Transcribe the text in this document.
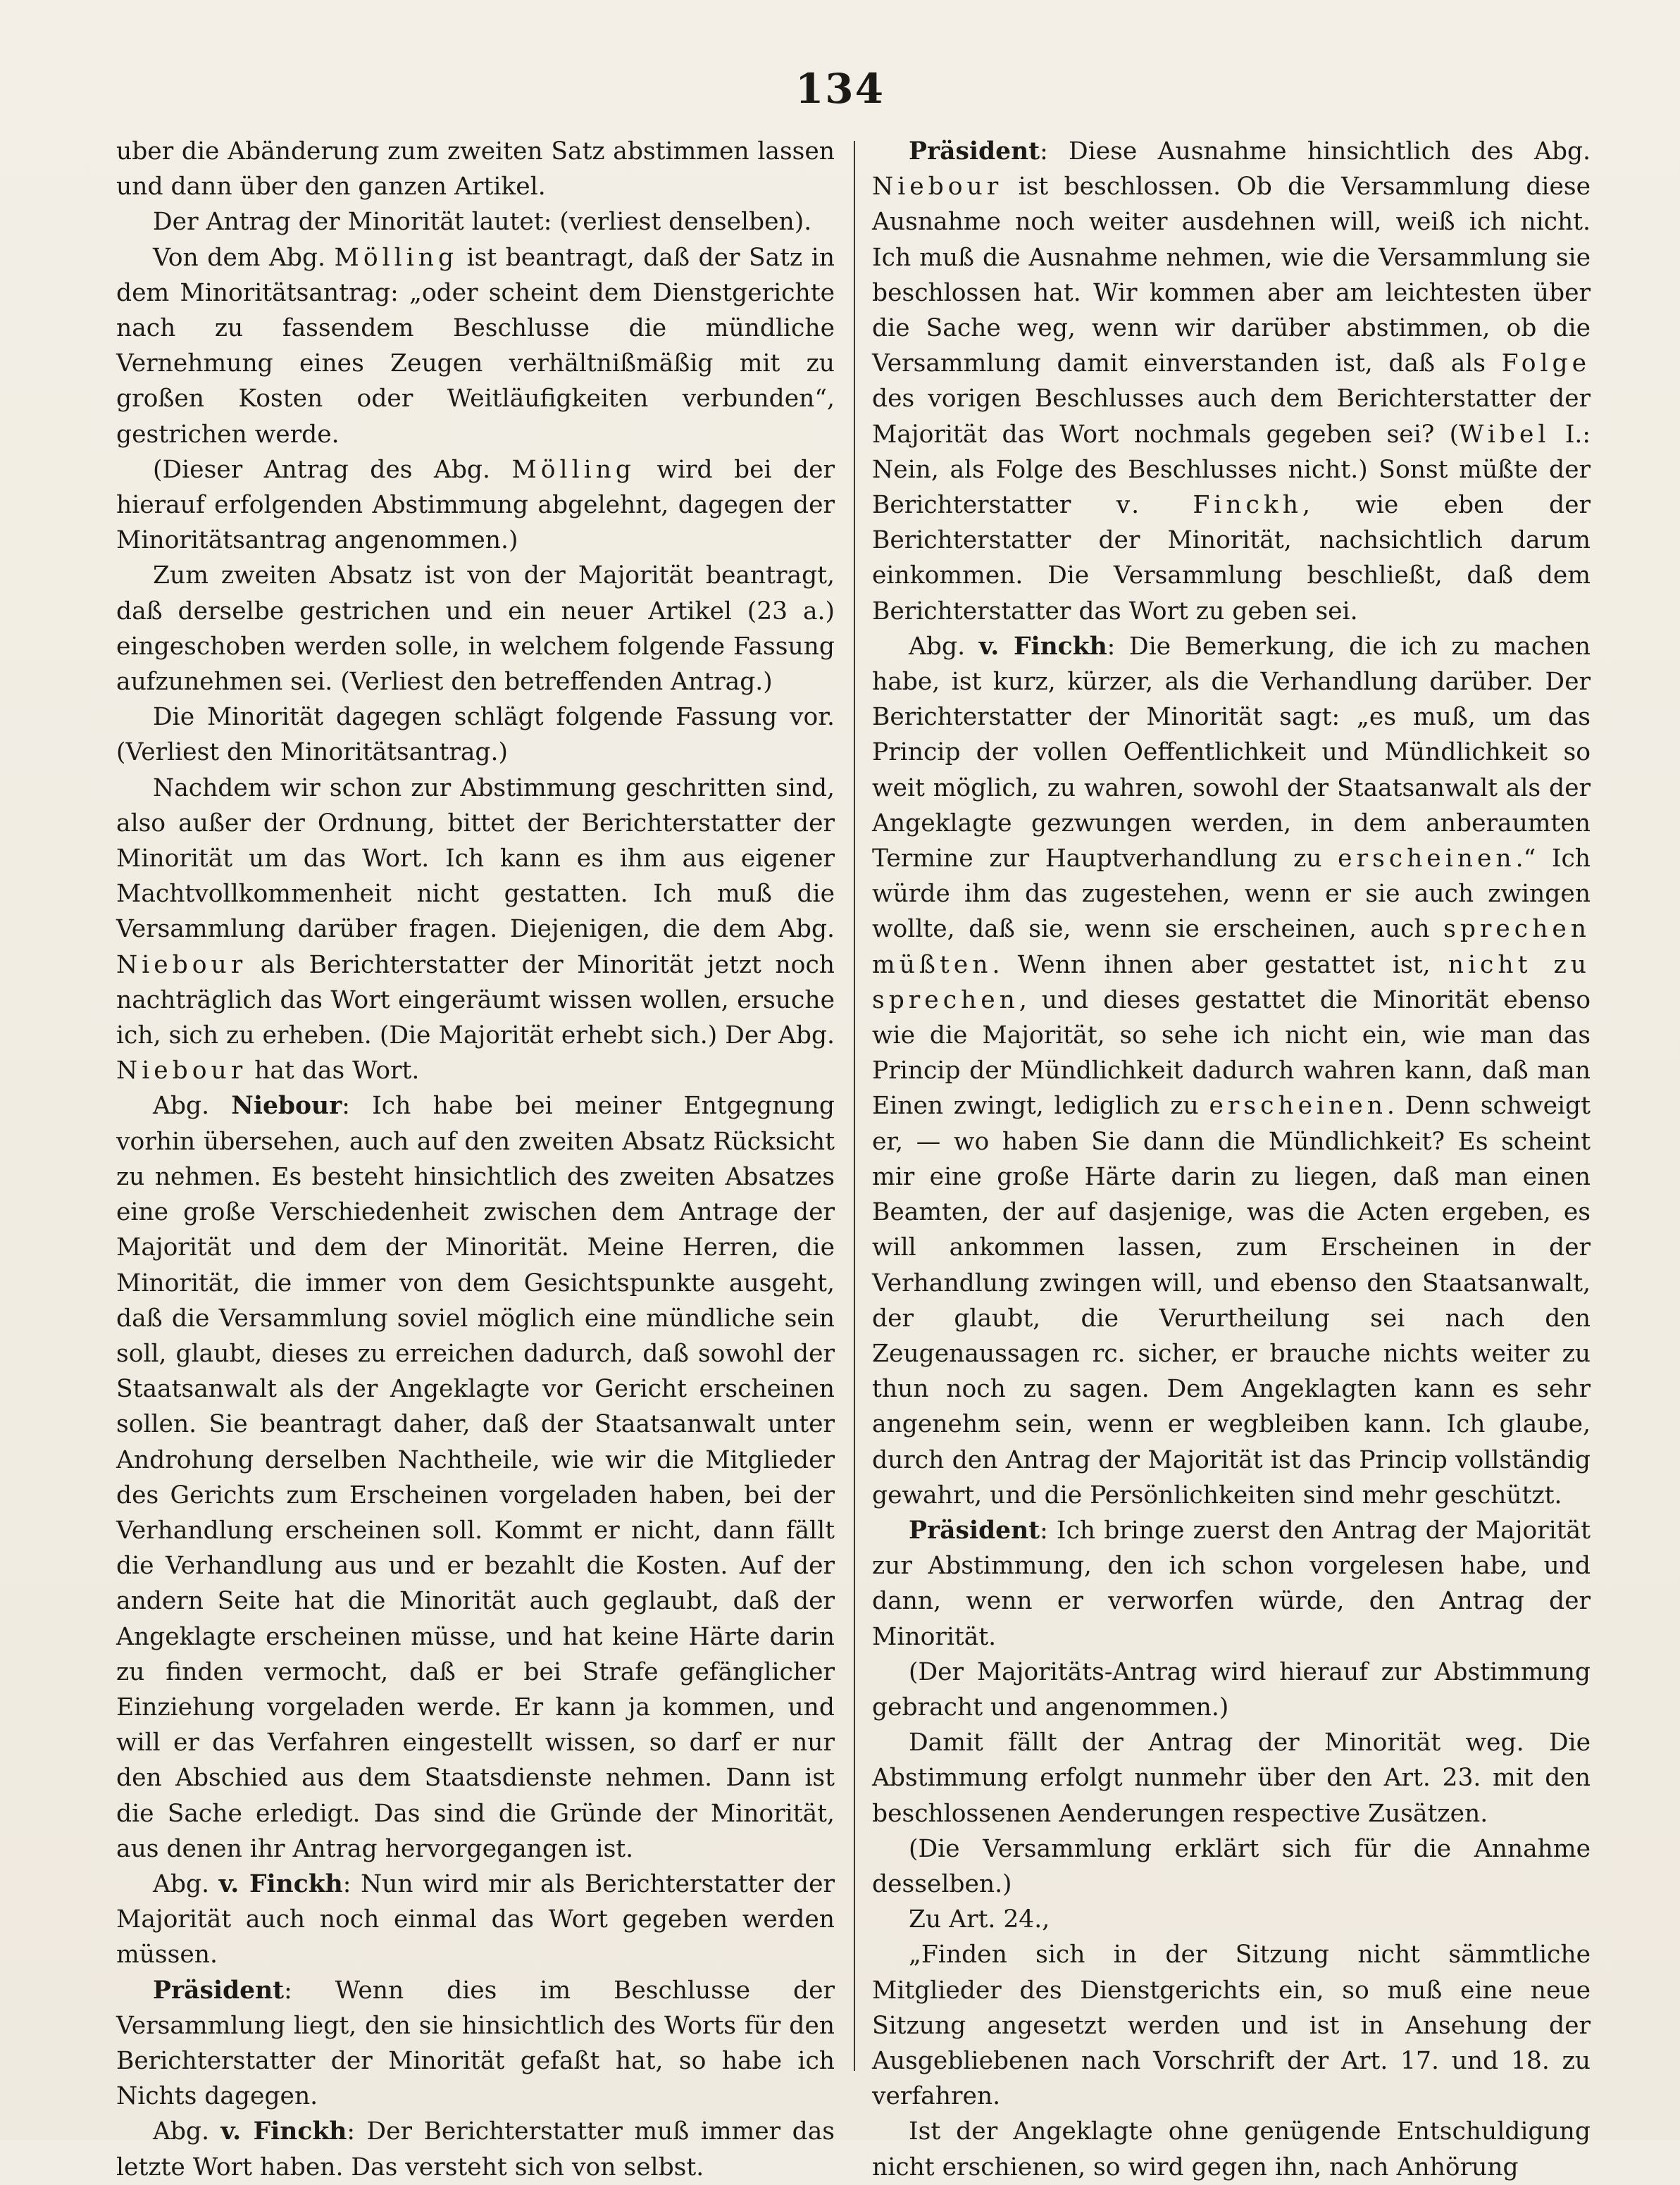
134

uber die Abänderung zum zweiten Satz abstimmen lassen und dann über den ganzen Artikel.

Der Antrag der Minorität lautet: (verliest denselben).

Von dem Abg. Mölling ist beantragt, daß der Satz in dem Minoritätsantrag: „oder scheint dem Dienstgerichte nach zu fassendem Beschlusse die mündliche Vernehmung eines Zeugen verhältnißmäßig mit zu großen Kosten oder Weitläufigkeiten verbunden“, gestrichen werde.

(Dieser Antrag des Abg. Mölling wird bei der hierauf erfolgenden Abstimmung abgelehnt, dagegen der Minoritätsantrag angenommen.)

Zum zweiten Absatz ist von der Majorität beantragt, daß derselbe gestrichen und ein neuer Artikel (23 a.) eingeschoben werden solle, in welchem folgende Fassung aufzunehmen sei. (Verliest den betreffenden Antrag.)

Die Minorität dagegen schlägt folgende Fassung vor. (Verliest den Minoritätsantrag.)

Nachdem wir schon zur Abstimmung geschritten sind, also außer der Ordnung, bittet der Berichterstatter der Minorität um das Wort. Ich kann es ihm aus eigener Machtvollkommenheit nicht gestatten. Ich muß die Versammlung darüber fragen. Diejenigen, die dem Abg. Niebour als Berichterstatter der Minorität jetzt noch nachträglich das Wort eingeräumt wissen wollen, ersuche ich, sich zu erheben. (Die Majorität erhebt sich.) Der Abg. Niebour hat das Wort.

Abg. Niebour: Ich habe bei meiner Entgegnung vorhin übersehen, auch auf den zweiten Absatz Rücksicht zu nehmen. Es besteht hinsichtlich des zweiten Absatzes eine große Verschiedenheit zwischen dem Antrage der Majorität und dem der Minorität. Meine Herren, die Minorität, die immer von dem Gesichtspunkte ausgeht, daß die Versammlung soviel möglich eine mündliche sein soll, glaubt, dieses zu erreichen dadurch, daß sowohl der Staatsanwalt als der Angeklagte vor Gericht erscheinen sollen. Sie beantragt daher, daß der Staatsanwalt unter Androhung derselben Nachtheile, wie wir die Mitglieder des Gerichts zum Erscheinen vorgeladen haben, bei der Verhandlung erscheinen soll. Kommt er nicht, dann fällt die Verhandlung aus und er bezahlt die Kosten. Auf der andern Seite hat die Minorität auch geglaubt, daß der Angeklagte erscheinen müsse, und hat keine Härte darin zu finden vermocht, daß er bei Strafe gefänglicher Einziehung vorgeladen werde. Er kann ja kommen, und will er das Verfahren eingestellt wissen, so darf er nur den Abschied aus dem Staatsdienste nehmen. Dann ist die Sache erledigt. Das sind die Gründe der Minorität, aus denen ihr Antrag hervorgegangen ist.

Abg. v. Finckh: Nun wird mir als Berichterstatter der Majorität auch noch einmal das Wort gegeben werden müssen.

Präsident: Wenn dies im Beschlusse der Versammlung liegt, den sie hinsichtlich des Worts für den Berichterstatter der Minorität gefaßt hat, so habe ich Nichts dagegen.

Abg. v. Finckh: Der Berichterstatter muß immer das letzte Wort haben. Das versteht sich von selbst.

Präsident: Diese Ausnahme hinsichtlich des Abg. Niebour ist beschlossen. Ob die Versammlung diese Ausnahme noch weiter ausdehnen will, weiß ich nicht. Ich muß die Ausnahme nehmen, wie die Versammlung sie beschlossen hat. Wir kommen aber am leichtesten über die Sache weg, wenn wir darüber abstimmen, ob die Versammlung damit einverstanden ist, daß als Folge des vorigen Beschlusses auch dem Berichterstatter der Majorität das Wort nochmals gegeben sei? (Wibel I.: Nein, als Folge des Beschlusses nicht.) Sonst müßte der Berichterstatter v. Finckh, wie eben der Berichterstatter der Minorität, nachsichtlich darum einkommen. Die Versammlung beschließt, daß dem Berichterstatter das Wort zu geben sei.

Abg. v. Finckh: Die Bemerkung, die ich zu machen habe, ist kurz, kürzer, als die Verhandlung darüber. Der Berichterstatter der Minorität sagt: „es muß, um das Princip der vollen Oeffentlichkeit und Mündlichkeit so weit möglich, zu wahren, sowohl der Staatsanwalt als der Angeklagte gezwungen werden, in dem anberaumten Termine zur Hauptverhandlung zu erscheinen.“ Ich würde ihm das zugestehen, wenn er sie auch zwingen wollte, daß sie, wenn sie erscheinen, auch sprechen müßten. Wenn ihnen aber gestattet ist, nicht zu sprechen, und dieses gestattet die Minorität ebenso wie die Majorität, so sehe ich nicht ein, wie man das Princip der Mündlichkeit dadurch wahren kann, daß man Einen zwingt, lediglich zu erscheinen. Denn schweigt er, — wo haben Sie dann die Mündlichkeit? Es scheint mir eine große Härte darin zu liegen, daß man einen Beamten, der auf dasjenige, was die Acten ergeben, es will ankommen lassen, zum Erscheinen in der Verhandlung zwingen will, und ebenso den Staatsanwalt, der glaubt, die Verurtheilung sei nach den Zeugenaussagen rc. sicher, er brauche nichts weiter zu thun noch zu sagen. Dem Angeklagten kann es sehr angenehm sein, wenn er wegbleiben kann. Ich glaube, durch den Antrag der Majorität ist das Princip vollständig gewahrt, und die Persönlichkeiten sind mehr geschützt.

Präsident: Ich bringe zuerst den Antrag der Majorität zur Abstimmung, den ich schon vorgelesen habe, und dann, wenn er verworfen würde, den Antrag der Minorität.

(Der Majoritäts-Antrag wird hierauf zur Abstimmung gebracht und angenommen.)

Damit fällt der Antrag der Minorität weg. Die Abstimmung erfolgt nunmehr über den Art. 23. mit den beschlossenen Aenderungen respective Zusätzen.

(Die Versammlung erklärt sich für die Annahme desselben.)

Zu Art. 24.,

„Finden sich in der Sitzung nicht sämmtliche Mitglieder des Dienstgerichts ein, so muß eine neue Sitzung angesetzt werden und ist in Ansehung der Ausgebliebenen nach Vorschrift der Art. 17. und 18. zu verfahren.

Ist der Angeklagte ohne genügende Entschuldigung nicht erschienen, so wird gegen ihn, nach Anhörung
